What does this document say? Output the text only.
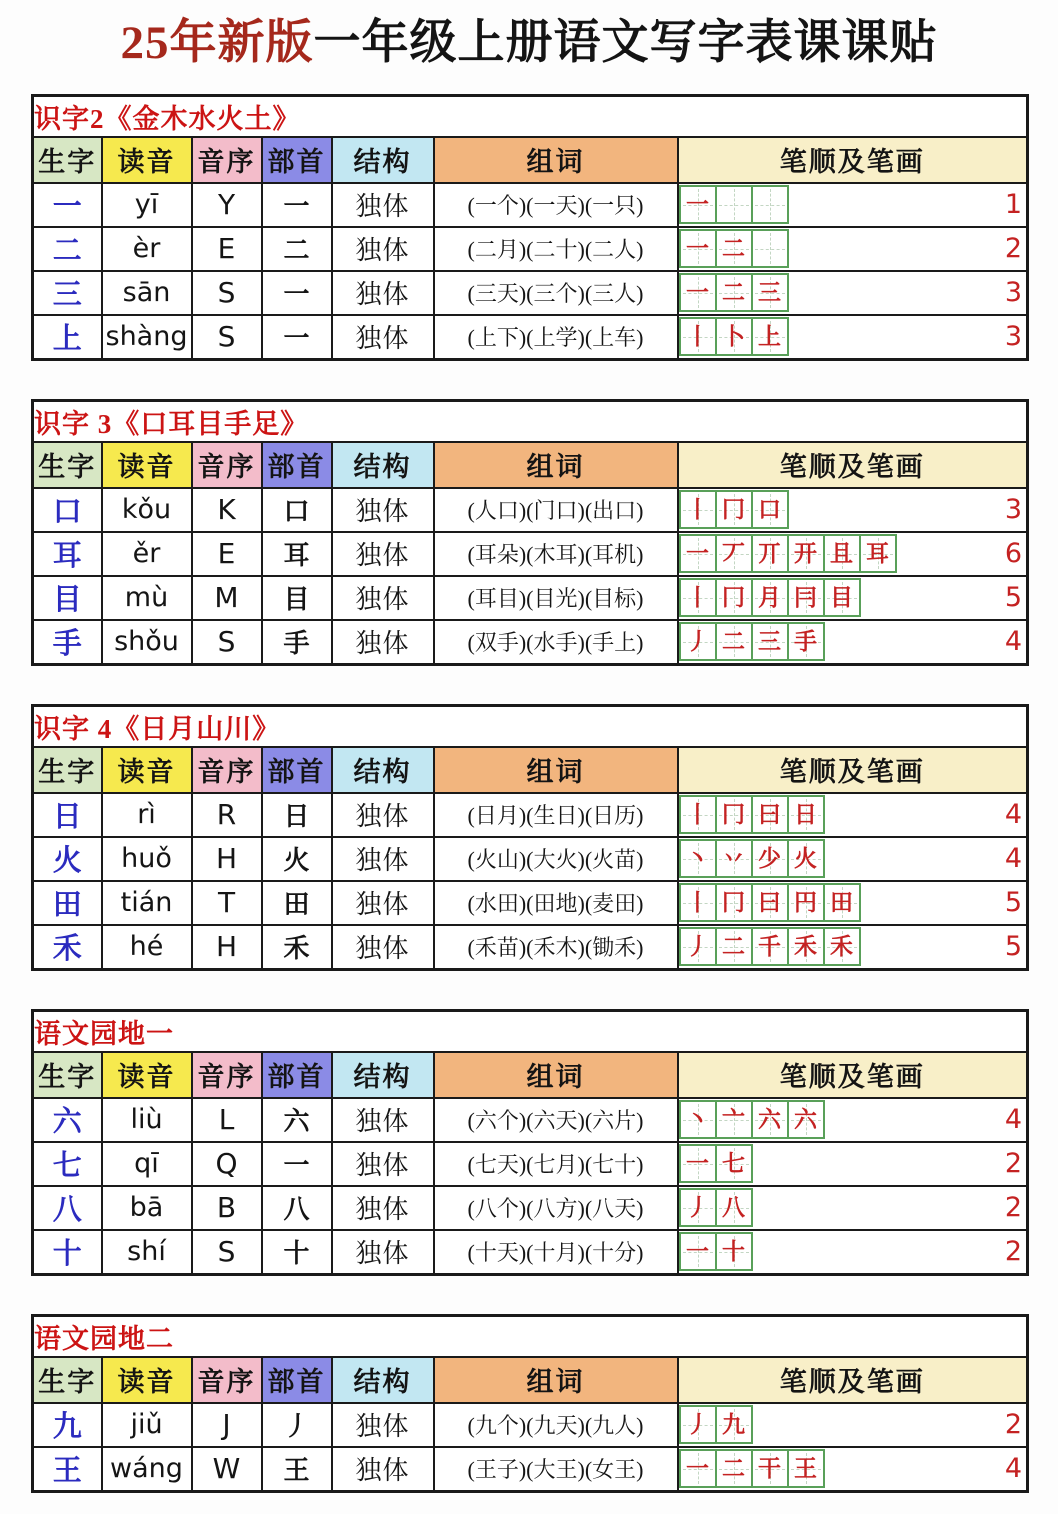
25年新版一年级上册语文写字表课课贴
识字2《金木水火土》						
生字	读音	音序	部首	结构	组词	笔顺及笔画
一	yī	Y	一	独体	(一个)(一天)(一只)	一 1

二	èr	E	二	独体	(二月)(二十)(二人)	一 二 2

三	sān	S	一	独体	(三天)(三个)(三人)	一 二 三 3

上	shàng	S	一	独体	(上下)(上学)(上车)	丨 卜 上 3
识字 3《口耳目手足》						
生字	读音	音序	部首	结构	组词	笔顺及笔画
口	kǒu	K	口	独体	(人口)(门口)(出口)	丨 冂 口 3

耳	ěr	E	耳	独体	(耳朵)(木耳)(耳机)	一 丆 丌 开 且 耳	6

目	mù	M	目	独体	(耳目)(目光)(目标)	丨 冂 月 冃 目	5

手	shǒu	S	手	独体	(双手)(水手)(手上)	丿 二 三 手 4
识字 4《日月山川》						
生字	读音	音序	部首	结构	组词	笔顺及笔画
日	rì	R	日	独体	(日月)(生日)(日历)	丨 冂 曰 日 4

火	huǒ	H	火	独体	(火山)(大火)(火苗)	丶 丷 少 火 4

田	tián	T	田	独体	(水田)(田地)(麦田)	丨 冂 曰 円 田	5

禾	hé	H	禾	独体	(禾苗)(禾木)(锄禾)	丿 二 千 禾 禾	5
语文园地一						
生字	读音	音序	部首	结构	组词	笔顺及笔画
六	liù	L	六	独体	(六个)(六天)(六片)	丶 亠 六 六 4

七	qī	Q	一	独体	(七天)(七月)(七十)	一 七 2

八	bā	B	八	独体	(八个)(八方)(八天)	丿 八 2

十	shí	S	十	独体	(十天)(十月)(十分)	一 十 2
语文园地二						
生字	读音	音序	部首	结构	组词	笔顺及笔画
九	jiǔ	J	丿	独体	(九个)(九天)(九人)	丿 九 2

王	wáng	W	王	独体	(王子)(大王)(女王)	一 二 干 王 4
